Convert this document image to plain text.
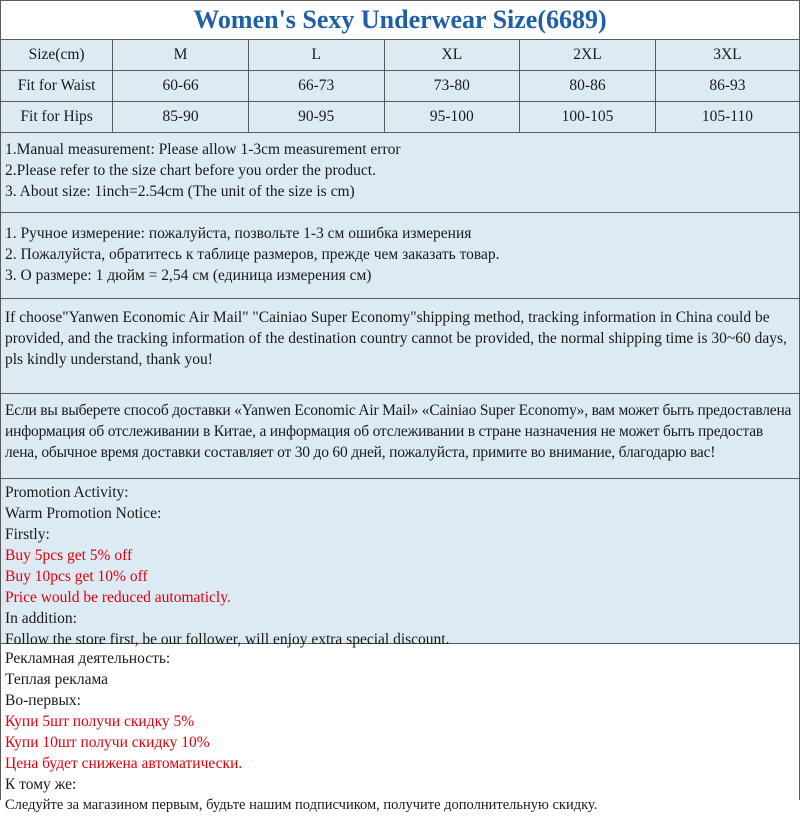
Women's Sexy Underwear Size(6689)
Size(cm)	M	L	XL	2XL	3XL
Fit for Waist	60-66	66-73	73-80	80-86	86-93
Fit for Hips	85-90	90-95	95-100	100-105	105-110
1.Manual measurement: Please allow 1-3cm measurement error
2.Please refer to the size chart before you order the product.
3. About size: 1inch=2.54cm (The unit of the size is cm)
1. Ручное измерение: пожалуйста, позвольте 1-3 см ошибка измерения
2. Пожалуйста, обратитесь к таблице размеров, прежде чем заказать товар.
3. О размере: 1 дюйм = 2,54 см (единица измерения см)
If choose"Yanwen Economic Air Mail" "Cainiao Super Economy"shipping method, tracking information in China could be provided, and the tracking information of the destination country cannot be provided, the normal shipping time is 30~60 days, pls kindly understand, thank you!
Если вы выберете способ доставки «Yanwen Economic Air Mail» «Cainiao Super Economy», вам может быть предоставлена информация об отслеживании в Китае, а информация об отслеживании в стране назначения не может быть предостав лена, обычное время доставки составляет от 30 до 60 дней, пожалуйста, примите во внимание, благодарю вас!
Promotion Activity:
Warm Promotion Notice:
Firstly:
Buy 5pcs get 5% off
Buy 10pcs get 10% off
Price would be reduced automaticly.
In addition:
Follow the store first, be our follower, will enjoy extra special discount.
Рекламная деятельность:
Теплая реклама
Во-первых:
Купи 5шт получи скидку 5%
Купи 10шт получи скидку 10%
Цена будет снижена автоматически.
К тому же:
Следуйте за магазином первым, будьте нашим подписчиком, получите дополнительную скидку.
